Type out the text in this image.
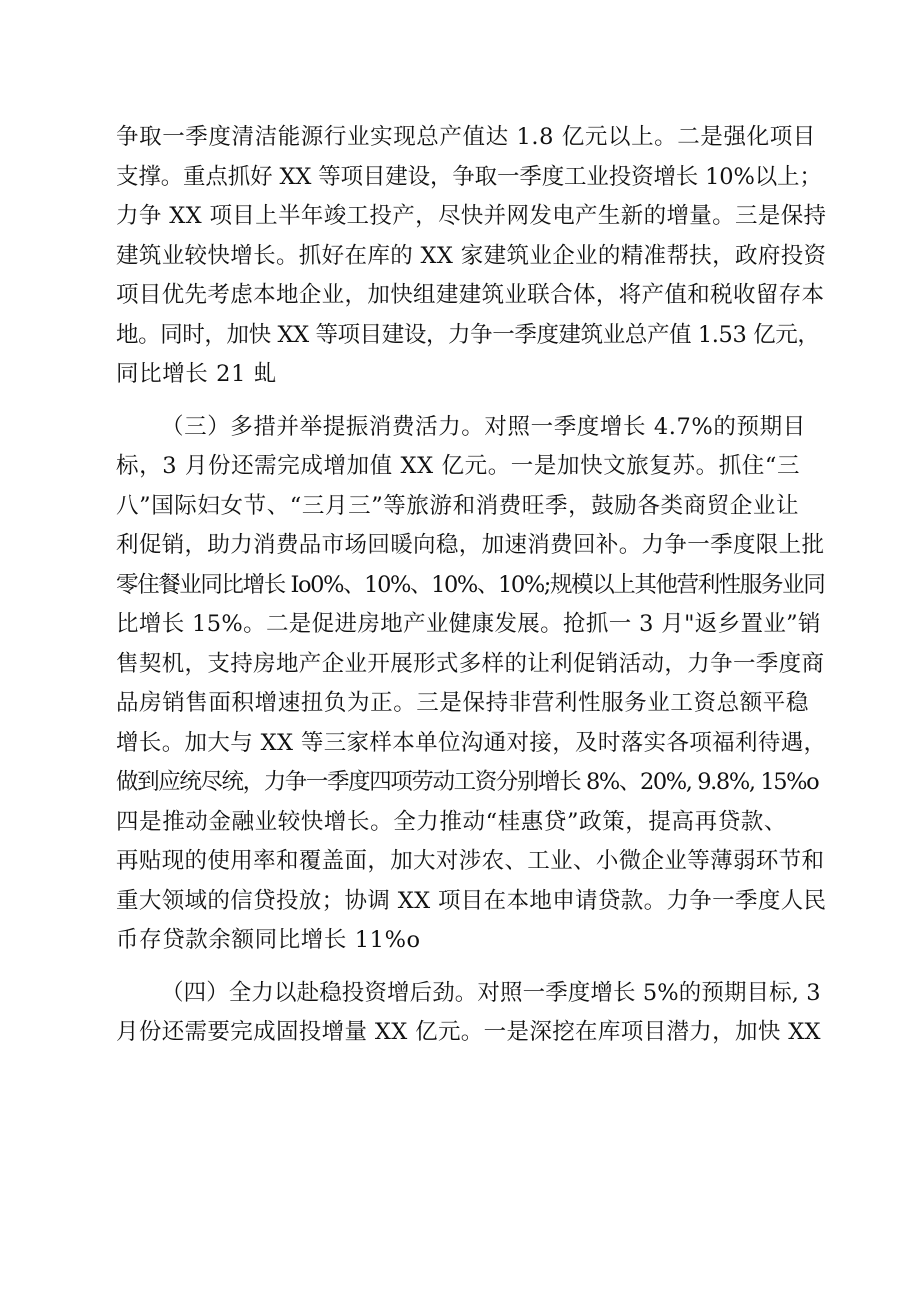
争取一季度清洁能源行业实现总产值达 1.8 亿元以上。二是强化项目
支撑。重点抓好 XX 等项目建设，争取一季度工业投资增长 10%以上；
力争 XX 项目上半年竣工投产，尽快并网发电产生新的增量。三是保持
建筑业较快增长。抓好在库的 XX 家建筑业企业的精准帮扶，政府投资
项目优先考虑本地企业，加快组建建筑业联合体，将产值和税收留存本
地。同时，加快 XX 等项目建设，力争一季度建筑业总产值 1.53 亿元，
同比增长 21 虬

（三）多措并举提振消费活力。对照一季度增长 4.7%的预期目
标，3 月份还需完成增加值 XX 亿元。一是加快文旅复苏。抓住“三
八”国际妇女节、“三月三”等旅游和消费旺季，鼓励各类商贸企业让
利促销，助力消费品市场回暖向稳，加速消费回补。力争一季度限上批
零住餐业同比增长 Io0%、10%、10%、10%;规模以上其他营利性服务业同
比增长 15%。二是促进房地产业健康发展。抢抓一 3 月"返乡置业”销
售契机，支持房地产企业开展形式多样的让利促销活动，力争一季度商
品房销售面积增速扭负为正。三是保持非营利性服务业工资总额平稳
增长。加大与 XX 等三家样本单位沟通对接，及时落实各项福利待遇，
做到应统尽统，力争一季度四项劳动工资分别增长 8%、20%, 9.8%, 15%o
四是推动金融业较快增长。全力推动“桂惠贷”政策，提高再贷款、
再贴现的使用率和覆盖面，加大对涉农、工业、小微企业等薄弱环节和
重大领域的信贷投放；协调 XX 项目在本地申请贷款。力争一季度人民
币存贷款余额同比增长 11%o

（四）全力以赴稳投资增后劲。对照一季度增长 5%的预期目标, 3
月份还需要完成固投增量 XX 亿元。一是深挖在库项目潜力，加快 XX
